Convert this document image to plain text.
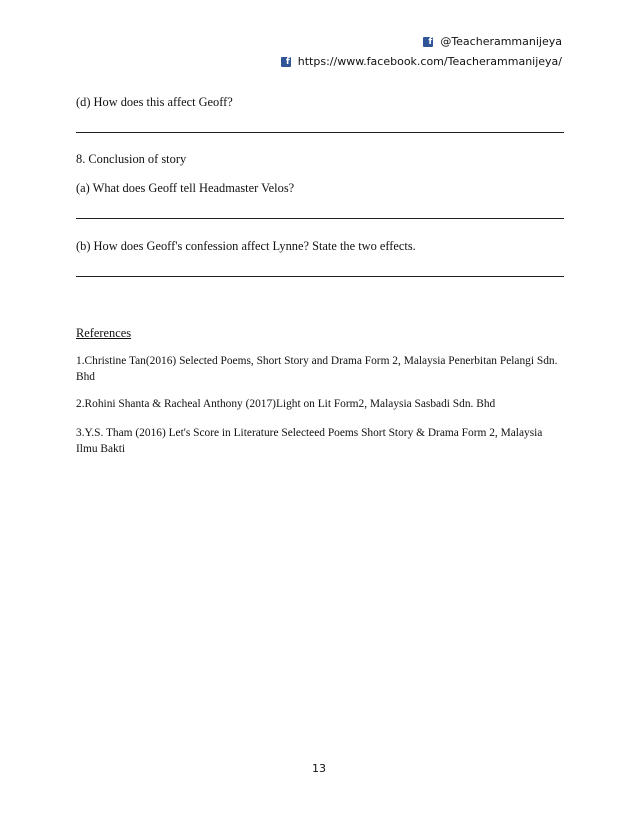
f @Teacherammanijeya
f https://www.facebook.com/Teacherammanijeya/
(d) How does this affect Geoff?
8. Conclusion of story
(a) What does Geoff tell Headmaster Velos?
(b) How does Geoff's confession affect Lynne? State the two effects.
References
1.Christine Tan(2016) Selected Poems, Short Story and Drama Form 2, Malaysia Penerbitan Pelangi Sdn. Bhd
2.Rohini Shanta & Racheal Anthony (2017)Light on Lit Form2, Malaysia Sasbadi Sdn. Bhd
3.Y.S. Tham (2016) Let's Score in Literature Selecteed Poems Short Story & Drama Form 2, Malaysia Ilmu Bakti
13
